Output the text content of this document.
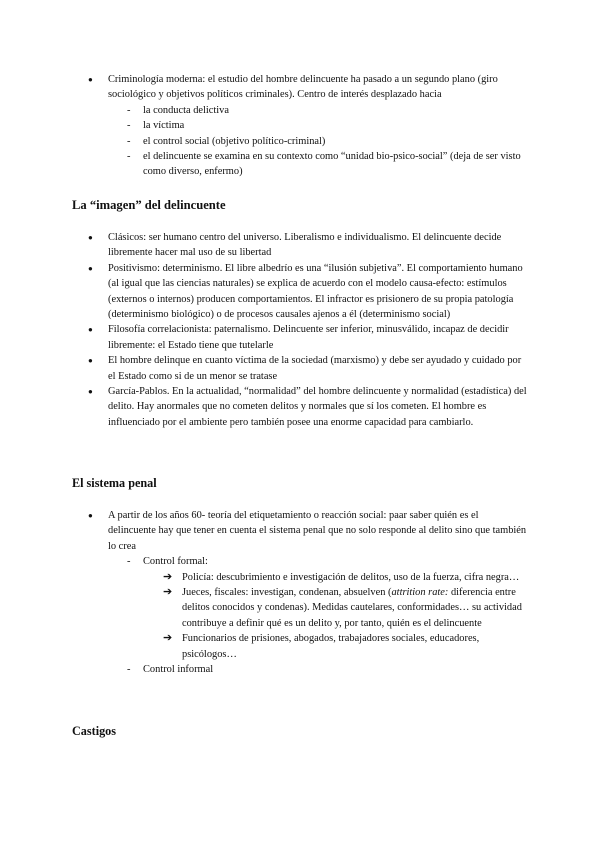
●
Criminología moderna: el estudio del hombre delincuente ha pasado a un segundo plano (giro sociológico y objetivos políticos criminales). Centro de interés desplazado hacia
- la conducta delictiva
- la víctima
- el control social (objetivo político-criminal)
- el delincuente se examina en su contexto como “unidad bio-psico-social” (deja de ser visto como diverso, enfermo)
La “imagen” del delincuente
●
Clásicos: ser humano centro del universo. Liberalismo e individualismo. El delincuente decide libremente hacer mal uso de su libertad
●
Positivismo: determinismo. El libre albedrío es una “ilusión subjetiva”. El comportamiento humano (al igual que las ciencias naturales) se explica de acuerdo con el modelo causa-efecto: estímulos (externos o internos) producen comportamientos. El infractor es prisionero de su propia patología (determinismo biológico) o de procesos causales ajenos a él (determinismo social)
●
Filosofía correlacionista: paternalismo. Delincuente ser inferior, minusválido, incapaz de decidir libremente: el Estado tiene que tutelarle
●
El hombre delinque en cuanto víctima de la sociedad (marxismo) y debe ser ayudado y cuidado por el Estado como si de un menor se tratase
●
García-Pablos. En la actualidad, “normalidad” del hombre delincuente y normalidad (estadística) del delito. Hay anormales que no cometen delitos y normales que sí los cometen. El hombre es influenciado por el ambiente pero también posee una enorme capacidad para cambiarlo.
El sistema penal
●
A partir de los años 60- teoría del etiquetamiento o reacción social: paar saber quién es el delincuente hay que tener en cuenta el sistema penal que no solo responde al delito sino que también lo crea
- Control formal:
➔ Policía: descubrimiento e investigación de delitos, uso de la fuerza, cifra negra…
➔ Jueces, fiscales: investigan, condenan, absuelven (attrition rate: diferencia entre delitos conocidos y condenas). Medidas cautelares, conformidades… su actividad contribuye a definir qué es un delito y, por tanto, quién es el delincuente
➔ Funcionarios de prisiones, abogados, trabajadores sociales, educadores, psicólogos…
- Control informal
Castigos
